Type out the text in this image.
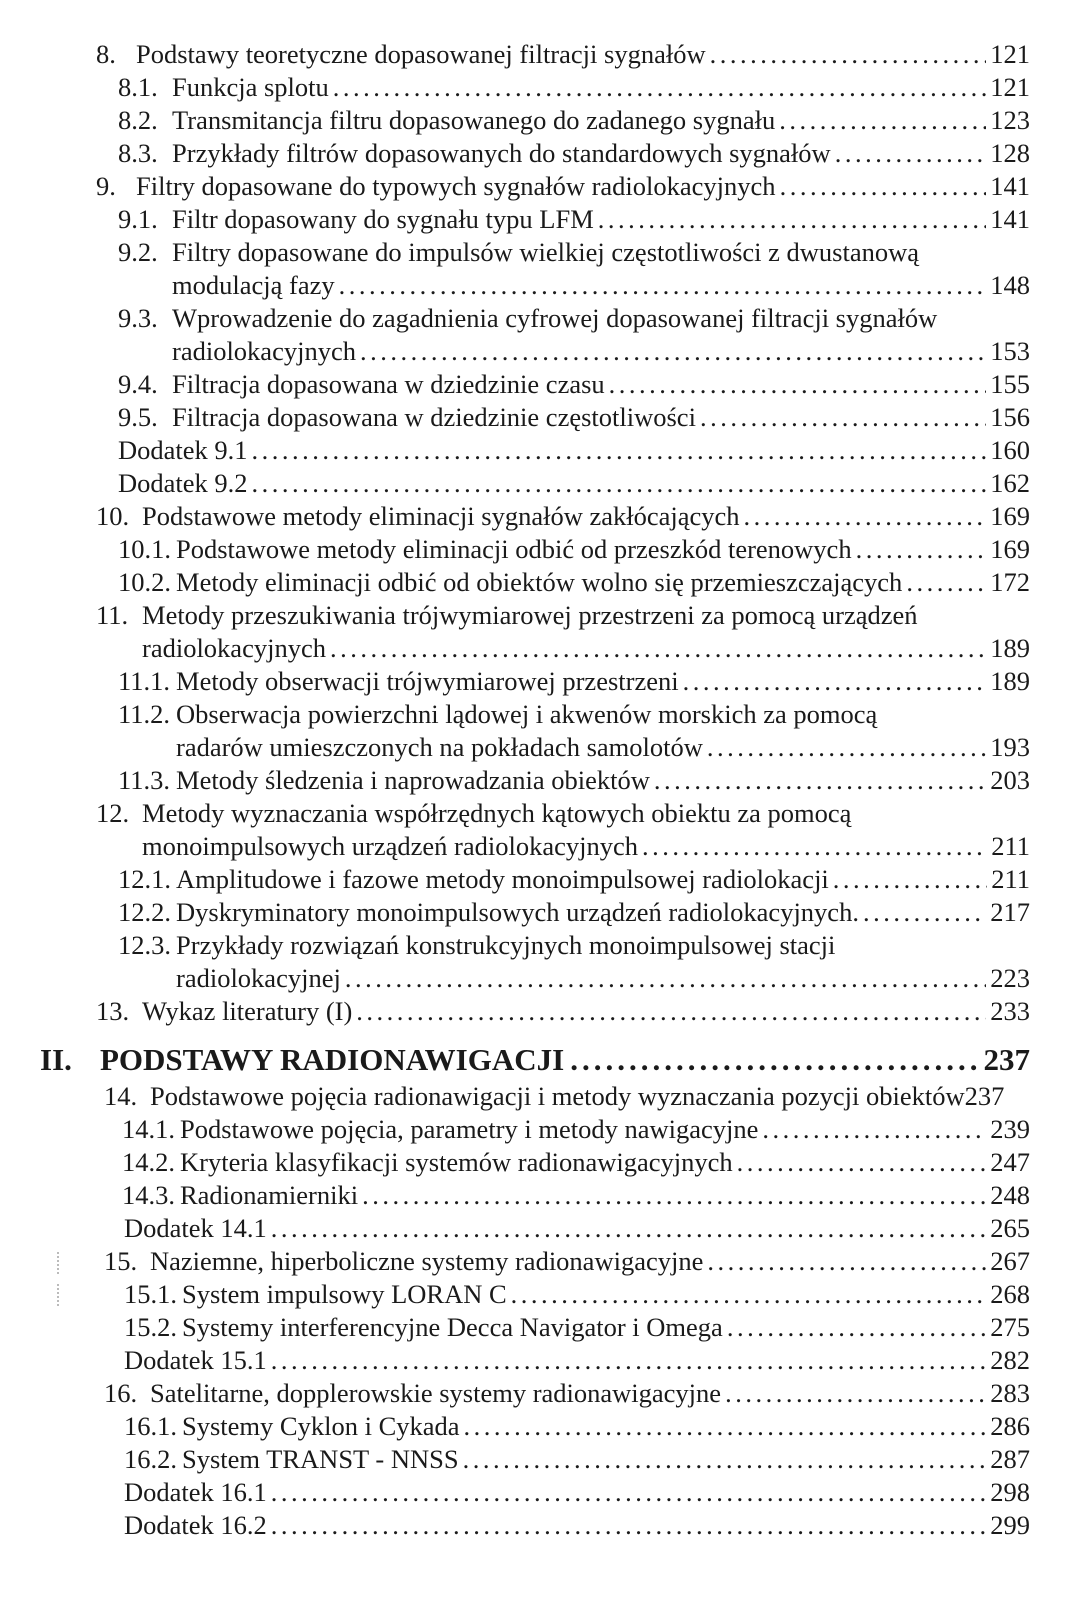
8. Podstawy teoretyczne dopasowanej filtracji sygnałów .....	121
8.1. Funkcja splotu .....	121
8.2. Transmitancja filtru dopasowanego do zadanego sygnału .....	123
8.3. Przykłady filtrów dopasowanych do standardowych sygnałów .....	128
9. Filtry dopasowane do typowych sygnałów radiolokacyjnych .....	141
9.1. Filtr dopasowany do sygnału typu LFM .....	141
9.2. Filtry dopasowane do impulsów wielkiej częstotliwości z dwustanową
modulacją fazy .....	148
9.3. Wprowadzenie do zagadnienia cyfrowej dopasowanej filtracji sygnałów
radiolokacyjnych .....	153
9.4. Filtracja dopasowana w dziedzinie czasu .....	155
9.5. Filtracja dopasowana w dziedzinie częstotliwości .....	156
Dodatek 9.1 .....	160
Dodatek 9.2 .....	162
10. Podstawowe metody eliminacji sygnałów zakłócających .....	169
10.1. Podstawowe metody eliminacji odbić od przeszkód terenowych .....	169
10.2. Metody eliminacji odbić od obiektów wolno się przemieszczających .....	172
11. Metody przeszukiwania trójwymiarowej przestrzeni za pomocą urządzeń
radiolokacyjnych .....	189
11.1. Metody obserwacji trójwymiarowej przestrzeni .....	189
11.2. Obserwacja powierzchni lądowej i akwenów morskich za pomocą
radarów umieszczonych na pokładach samolotów .....	193
11.3. Metody śledzenia i naprowadzania obiektów .....	203
12. Metody wyznaczania współrzędnych kątowych obiektu za pomocą
monoimpulsowych urządzeń radiolokacyjnych .....	211
12.1. Amplitudowe i fazowe metody monoimpulsowej radiolokacji .....	211
12.2. Dyskryminatory monoimpulsowych urządzeń radiolokacyjnych. .....	217
12.3. Przykłady rozwiązań konstrukcyjnych monoimpulsowej stacji
radiolokacyjnej .....	223
13. Wykaz literatury (I) .....	233
II. PODSTAWY RADIONAWIGACJI .....	237
14. Podstawowe pojęcia radionawigacji i metody wyznaczania pozycji obiektów 237
14.1. Podstawowe pojęcia, parametry i metody nawigacyjne .....	239
14.2. Kryteria klasyfikacji systemów radionawigacyjnych .....	247
14.3. Radionamierniki .....	248
Dodatek 14.1 .....	265
15. Naziemne, hiperboliczne systemy radionawigacyjne .....	267
15.1. System impulsowy LORAN C .....	268
15.2. Systemy interferencyjne Decca Navigator i Omega .....	275
Dodatek 15.1 .....	282
16. Satelitarne, dopplerowskie systemy radionawigacyjne .....	283
16.1. Systemy Cyklon i Cykada .....	286
16.2. System TRANST - NNSS .....	287
Dodatek 16.1 .....	298
Dodatek 16.2 .....	299
